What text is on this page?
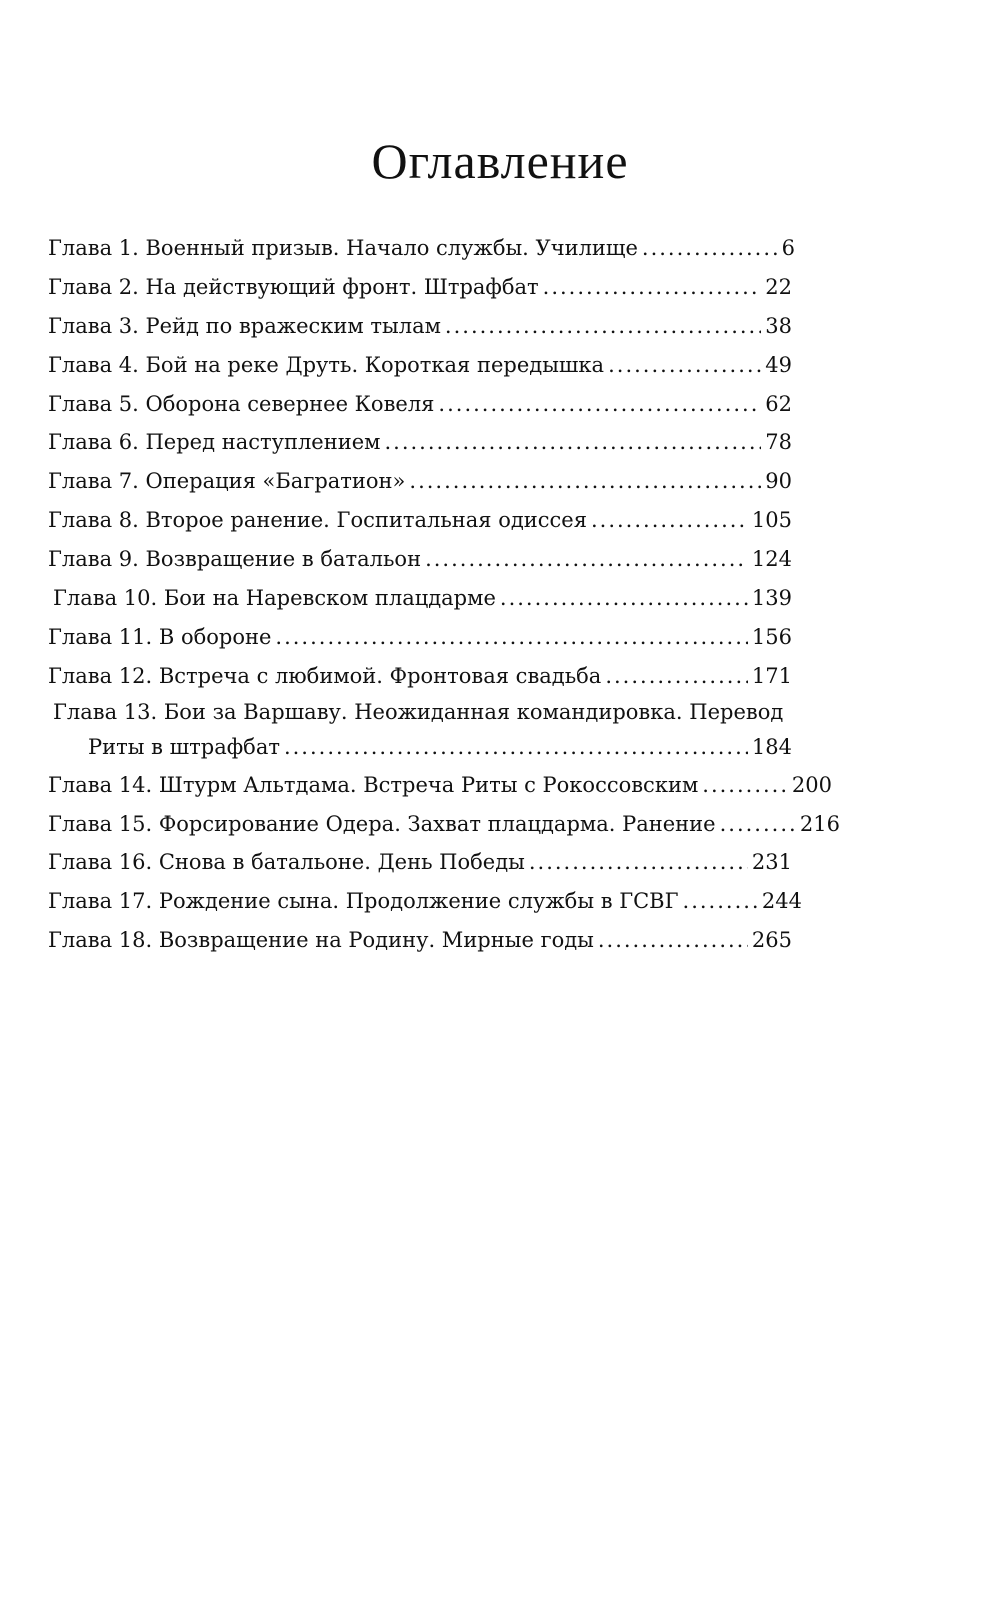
Оглавление
Глава 1. Военный призыв. Начало службы. Училище .....	6
Глава 2. На действующий фронт. Штрафбат .....	22
Глава 3. Рейд по вражеским тылам .....	38
Глава 4. Бой на реке Друть. Короткая передышка .....	49
Глава 5. Оборона севернее Ковеля .....	62
Глава 6. Перед наступлением .....	78
Глава 7. Операция «Багратион» .....	90
Глава 8. Второе ранение. Госпитальная одиссея .....	105
Глава 9. Возвращение в батальон .....	124
Глава 10. Бои на Наревском плацдарме .....	139
Глава 11. В обороне .....	156
Глава 12. Встреча с любимой. Фронтовая свадьба .....	171
Глава 13. Бои за Варшаву. Неожиданная командировка. Перевод
Риты в штрафбат .....	184
Глава 14. Штурм Альтдама. Встреча Риты с Рокоссовским .....	200
Глава 15. Форсирование Одера. Захват плацдарма. Ранение .....	216
Глава 16. Снова в батальоне. День Победы .....	231
Глава 17. Рождение сына. Продолжение службы в ГСВГ .....	244
Глава 18. Возвращение на Родину. Мирные годы .....	265
